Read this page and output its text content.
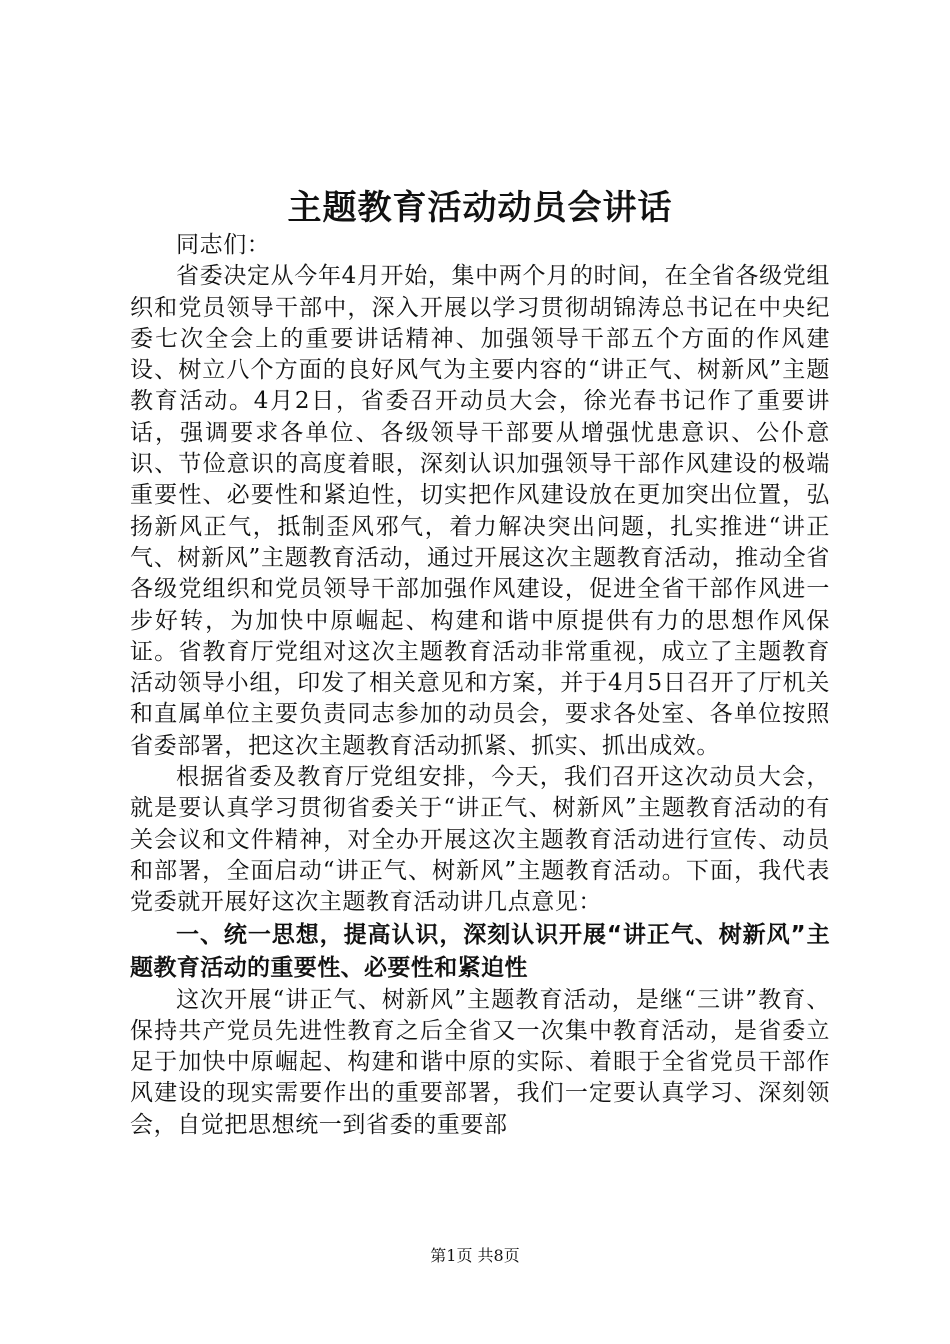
主题教育活动动员会讲话

同志们：

省委决定从今年4月开始，集中两个月的时间，在全省各级党组织和党员领导干部中，深入开展以学习贯彻胡锦涛总书记在中央纪委七次全会上的重要讲话精神、加强领导干部五个方面的作风建设、树立八个方面的良好风气为主要内容的“讲正气、树新风”主题教育活动。4月2日，省委召开动员大会，徐光春书记作了重要讲话，强调要求各单位、各级领导干部要从增强忧患意识、公仆意识、节俭意识的高度着眼，深刻认识加强领导干部作风建设的极端重要性、必要性和紧迫性，切实把作风建设放在更加突出位置，弘扬新风正气，抵制歪风邪气，着力解决突出问题，扎实推进“讲正气、树新风”主题教育活动，通过开展这次主题教育活动，推动全省各级党组织和党员领导干部加强作风建设，促进全省干部作风进一步好转，为加快中原崛起、构建和谐中原提供有力的思想作风保证。省教育厅党组对这次主题教育活动非常重视，成立了主题教育活动领导小组，印发了相关意见和方案，并于4月5日召开了厅机关和直属单位主要负责同志参加的动员会，要求各处室、各单位按照省委部署，把这次主题教育活动抓紧、抓实、抓出成效。

根据省委及教育厅党组安排，今天，我们召开这次动员大会，就是要认真学习贯彻省委关于“讲正气、树新风”主题教育活动的有关会议和文件精神，对全办开展这次主题教育活动进行宣传、动员和部署，全面启动“讲正气、树新风”主题教育活动。下面，我代表党委就开展好这次主题教育活动讲几点意见：

一、统一思想，提高认识，深刻认识开展“讲正气、树新风”主题教育活动的重要性、必要性和紧迫性

这次开展“讲正气、树新风”主题教育活动，是继“三讲”教育、保持共产党员先进性教育之后全省又一次集中教育活动，是省委立足于加快中原崛起、构建和谐中原的实际、着眼于全省党员干部作风建设的现实需要作出的重要部署，我们一定要认真学习、深刻领会，自觉把思想统一到省委的重要部

第1页 共8页
